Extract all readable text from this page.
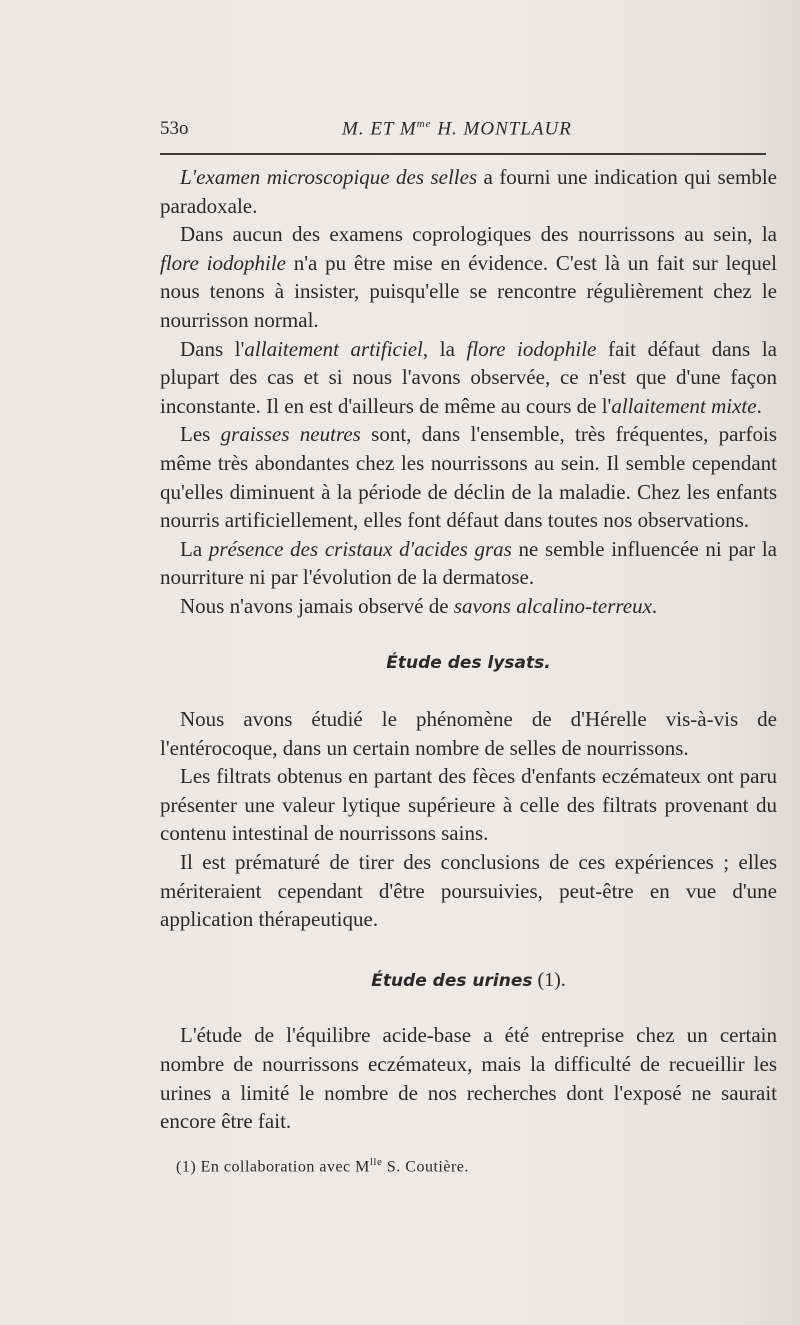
53o	M. ET $M^{me}$ H. MONTLAUR

L'examen microscopique des selles a fourni une indication qui semble paradoxale.

Dans aucun des examens coprologiques des nourrissons au sein, la flore iodophile n'a pu être mise en évidence. C'est là un fait sur lequel nous tenons à insister, puisqu'elle se rencontre régulièrement chez le nourrisson normal.

Dans l'allaitement artificiel, la flore iodophile fait défaut dans la plupart des cas et si nous l'avons observée, ce n'est que d'une façon inconstante. Il en est d'ailleurs de même au cours de l'allaitement mixte.

Les graisses neutres sont, dans l'ensemble, très fréquentes, parfois même très abondantes chez les nourrissons au sein. Il semble cependant qu'elles diminuent à la période de déclin de la maladie. Chez les enfants nourris artificiellement, elles font défaut dans toutes nos observations.

La présence des cristaux d'acides gras ne semble influencée ni par la nourriture ni par l'évolution de la dermatose.

Nous n'avons jamais observé de savons alcalino-terreux.

Étude des lysats.

Nous avons étudié le phénomène de d'Hérelle vis-à-vis de l'entérocoque, dans un certain nombre de selles de nourrissons.

Les filtrats obtenus en partant des fèces d'enfants eczémateux ont paru présenter une valeur lytique supérieure à celle des filtrats provenant du contenu intestinal de nourrissons sains.

Il est prématuré de tirer des conclusions de ces expériences ; elles mériteraient cependant d'être poursuivies, peut-être en vue d'une application thérapeutique.

Étude des urines (1).

L'étude de l'équilibre acide-base a été entreprise chez un certain nombre de nourrissons eczémateux, mais la difficulté de recueillir les urines a limité le nombre de nos recherches dont l'exposé ne saurait encore être fait.

(1) En collaboration avec $M^{lle}$ S. Coutière.
